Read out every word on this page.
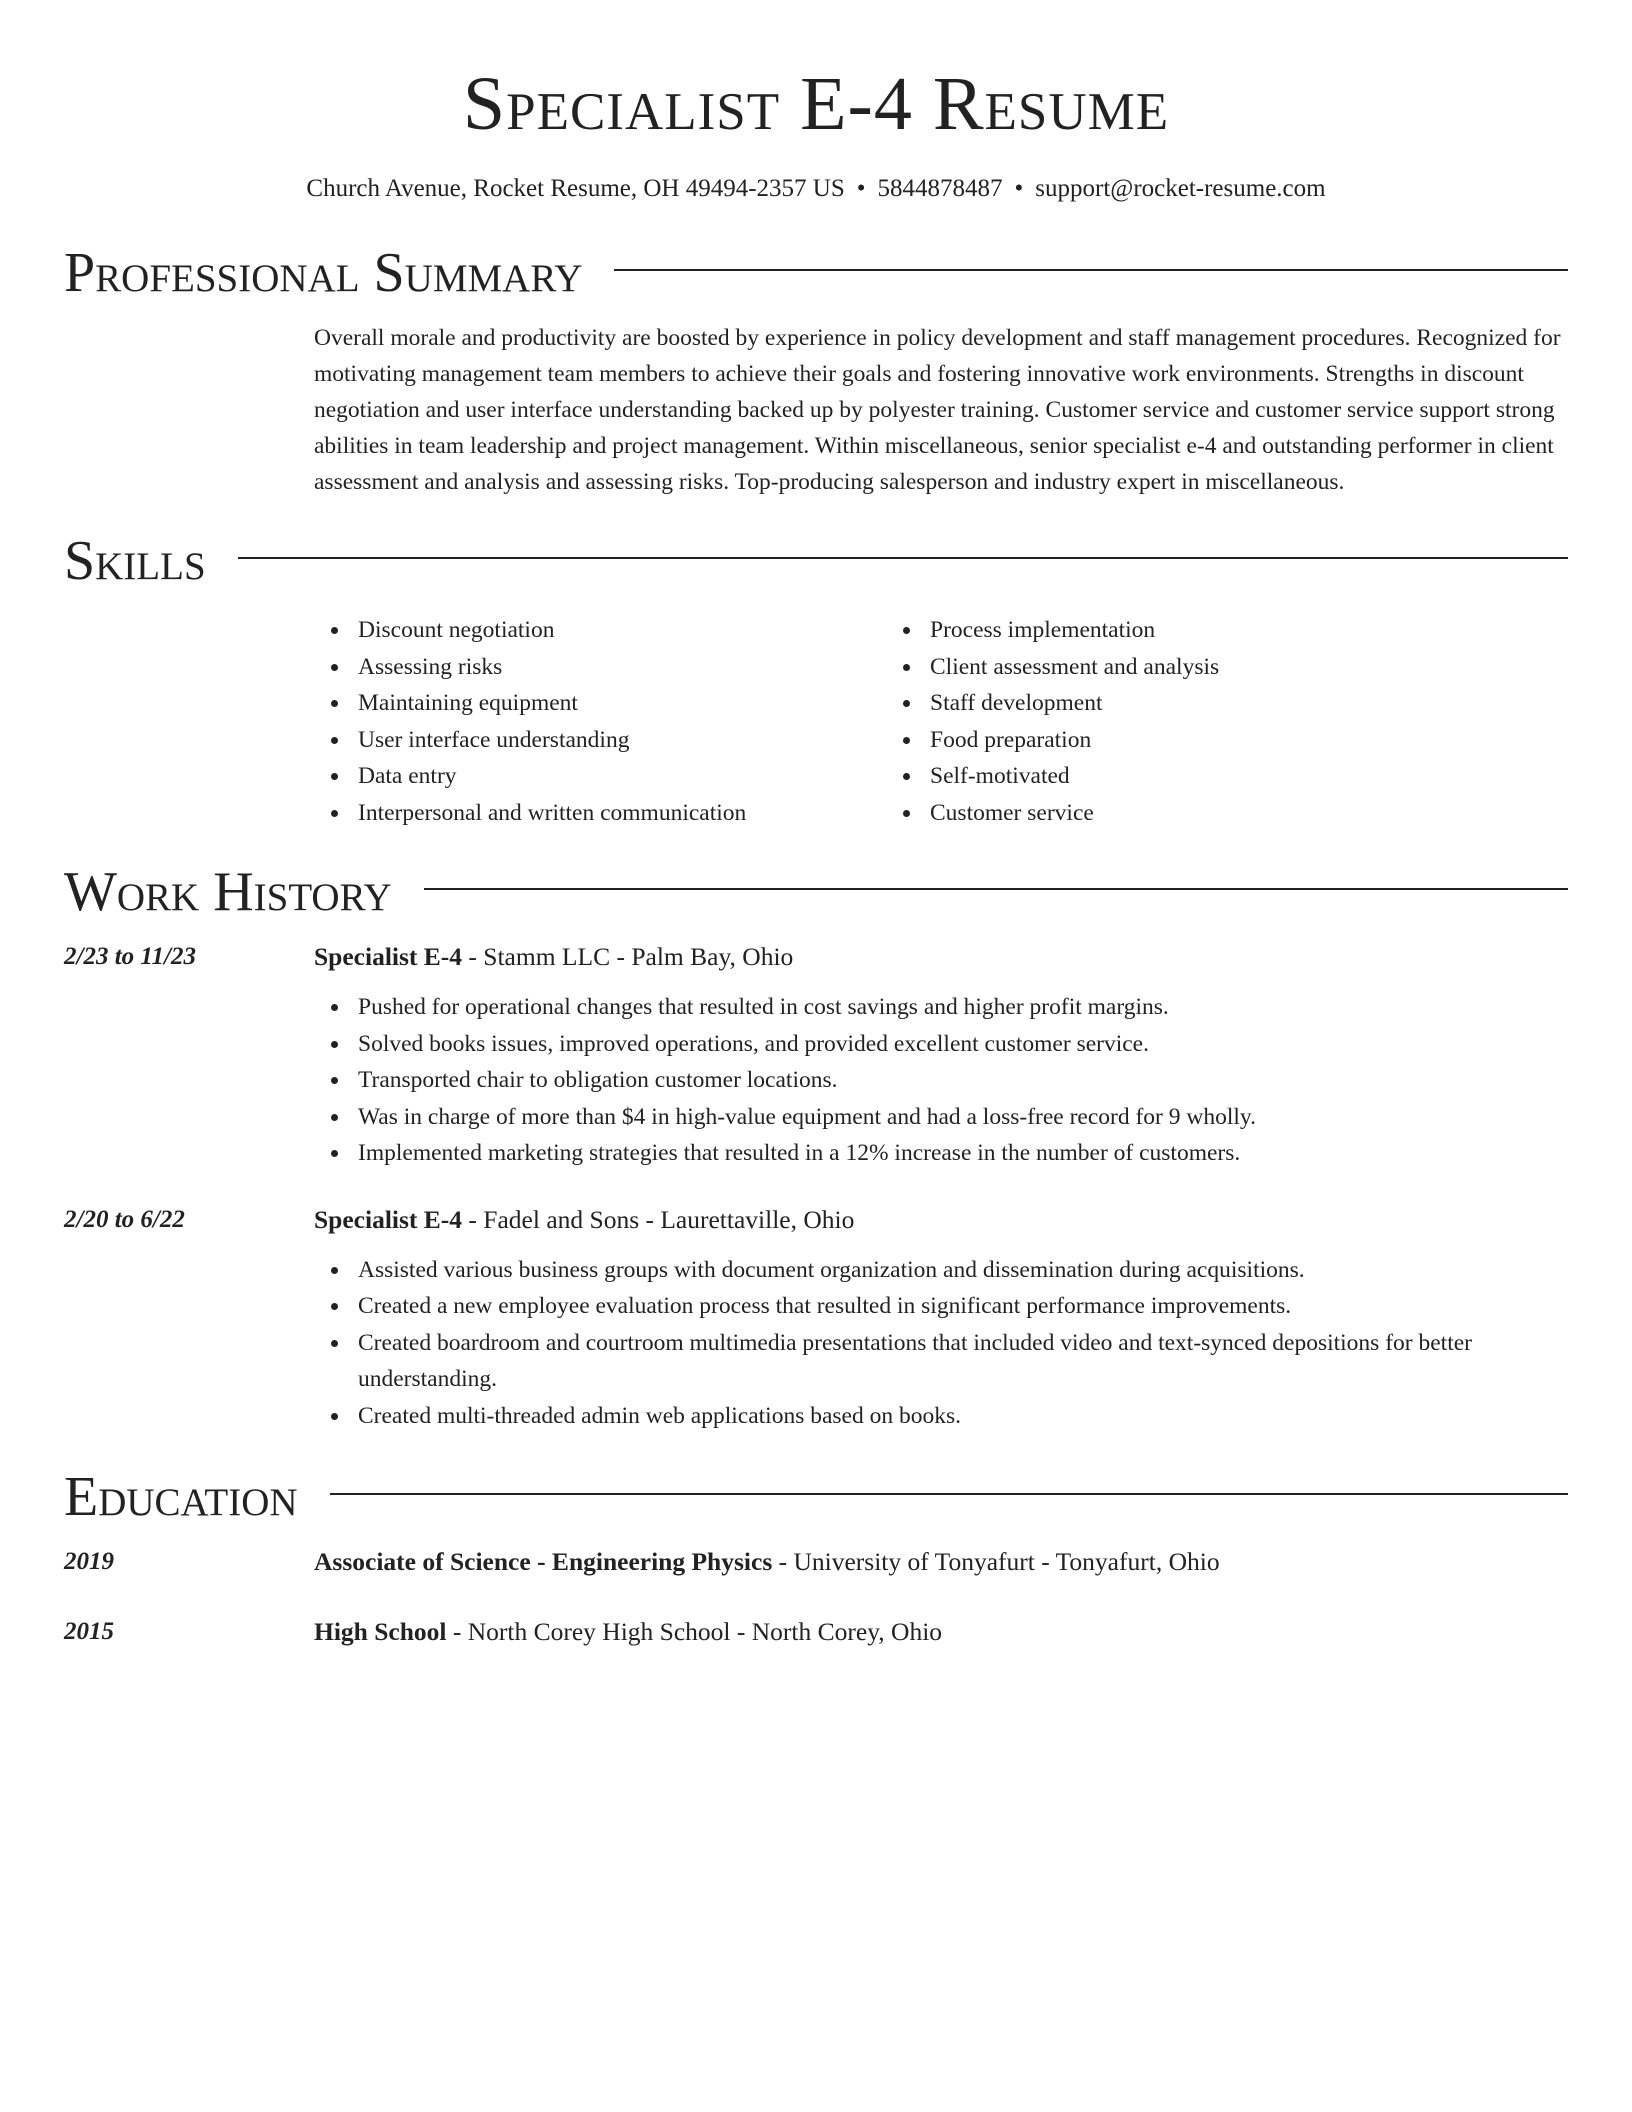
Specialist E-4 Resume
Church Avenue, Rocket Resume, OH 49494-2357 US • 5844878487 • support@rocket-resume.com
Professional Summary

Overall morale and productivity are boosted by experience in policy development and staff management procedures. Recognized for motivating management team members to achieve their goals and fostering innovative work environments. Strengths in discount negotiation and user interface understanding backed up by polyester training. Customer service and customer service support strong abilities in team leadership and project management. Within miscellaneous, senior specialist e-4 and outstanding performer in client assessment and analysis and assessing risks. Top-producing salesperson and industry expert in miscellaneous.

Skills
Discount negotiation
Assessing risks
Maintaining equipment
User interface understanding
Data entry
Interpersonal and written communication
Process implementation
Client assessment and analysis
Staff development
Food preparation
Self-motivated
Customer service
Work History
2/23 to 11/23	Specialist E-4 - Stamm LLC - Palm Bay, Ohio
Pushed for operational changes that resulted in cost savings and higher profit margins.
Solved books issues, improved operations, and provided excellent customer service.
Transported chair to obligation customer locations.
Was in charge of more than $4 in high-value equipment and had a loss-free record for 9 wholly.
Implemented marketing strategies that resulted in a 12% increase in the number of customers.
2/20 to 6/22	Specialist E-4 - Fadel and Sons - Laurettaville, Ohio
Assisted various business groups with document organization and dissemination during acquisitions.
Created a new employee evaluation process that resulted in significant performance improvements.
Created boardroom and courtroom multimedia presentations that included video and text-synced depositions for better understanding.
Created multi-threaded admin web applications based on books.
Education
2019	Associate of Science - Engineering Physics - University of Tonyafurt - Tonyafurt, Ohio
2015	High School - North Corey High School - North Corey, Ohio
